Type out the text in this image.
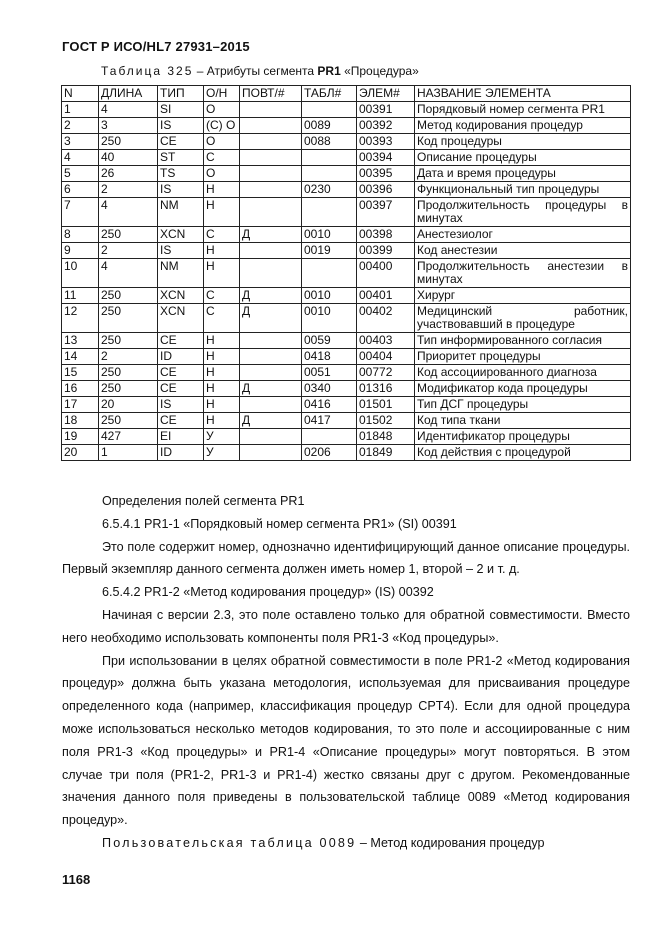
ГОСТ Р ИСО/HL7 27931–2015
Таблица 325 – Атрибуты сегмента PR1 «Процедура»
N	ДЛИНА	ТИП	О/Н	ПОВТ/#	ТАБЛ#	ЭЛЕМ#	НАЗВАНИЕ ЭЛЕМЕНТА
1	4	SI	О			00391	Порядковый номер сегмента PR1
2	3	IS	(С) О		0089	00392	Метод кодирования процедур
3	250	CE	О		0088	00393	Код процедуры
4	40	ST	С			00394	Описание процедуры
5	26	TS	О			00395	Дата и время процедуры
6	2	IS	Н		0230	00396	Функциональный тип процедуры
7	4	NM	Н			00397	Продолжительность процедуры в минутах
8	250	XCN	С	Д	0010	00398	Анестезиолог
9	2	IS	Н		0019	00399	Код анестезии
10	4	NM	Н			00400	Продолжительность анестезии в минутах
11	250	XCN	С	Д	0010	00401	Хирург
12	250	XCN	С	Д	0010	00402	Медицинский работник, участвовавший в процедуре
13	250	CE	Н		0059	00403	Тип информированного согласия
14	2	ID	Н		0418	00404	Приоритет процедуры
15	250	CE	Н		0051	00772	Код ассоциированного диагноза
16	250	CE	Н	Д	0340	01316	Модификатор кода процедуры
17	20	IS	Н		0416	01501	Тип ДСГ процедуры
18	250	CE	Н	Д	0417	01502	Код типа ткани
19	427	EI	У			01848	Идентификатор процедуры
20	1	ID	У		0206	01849	Код действия с процедурой

Определения полей сегмента PR1

6.5.4.1 PR1-1 «Порядковый номер сегмента PR1» (SI) 00391

Это поле содержит номер, однозначно идентифицирующий данное описание процедуры. Первый экземпляр данного сегмента должен иметь номер 1, второй – 2 и т. д.

6.5.4.2 PR1-2 «Метод кодирования процедур» (IS) 00392

Начиная с версии 2.3, это поле оставлено только для обратной совместимости. Вместо него необходимо использовать компоненты поля PR1-3 «Код процедуры».

При использовании в целях обратной совместимости в поле PR1-2 «Метод кодирования процедур» должна быть указана методология, используемая для присваивания процедуре определенного кода (например, классификация процедур CPT4). Если для одной процедура може использоваться несколько методов кодирования, то это поле и ассоциированные с ним поля PR1-3 «Код процедуры» и PR1-4 «Описание процедуры» могут повторяться. В этом случае три поля (PR1-2, PR1-3 и PR1-4) жестко связаны друг с другом. Рекомендованные значения данного поля приведены в пользовательской таблице 0089 «Метод кодирования процедур».

Пользовательская таблица 0089 – Метод кодирования процедур

1168
